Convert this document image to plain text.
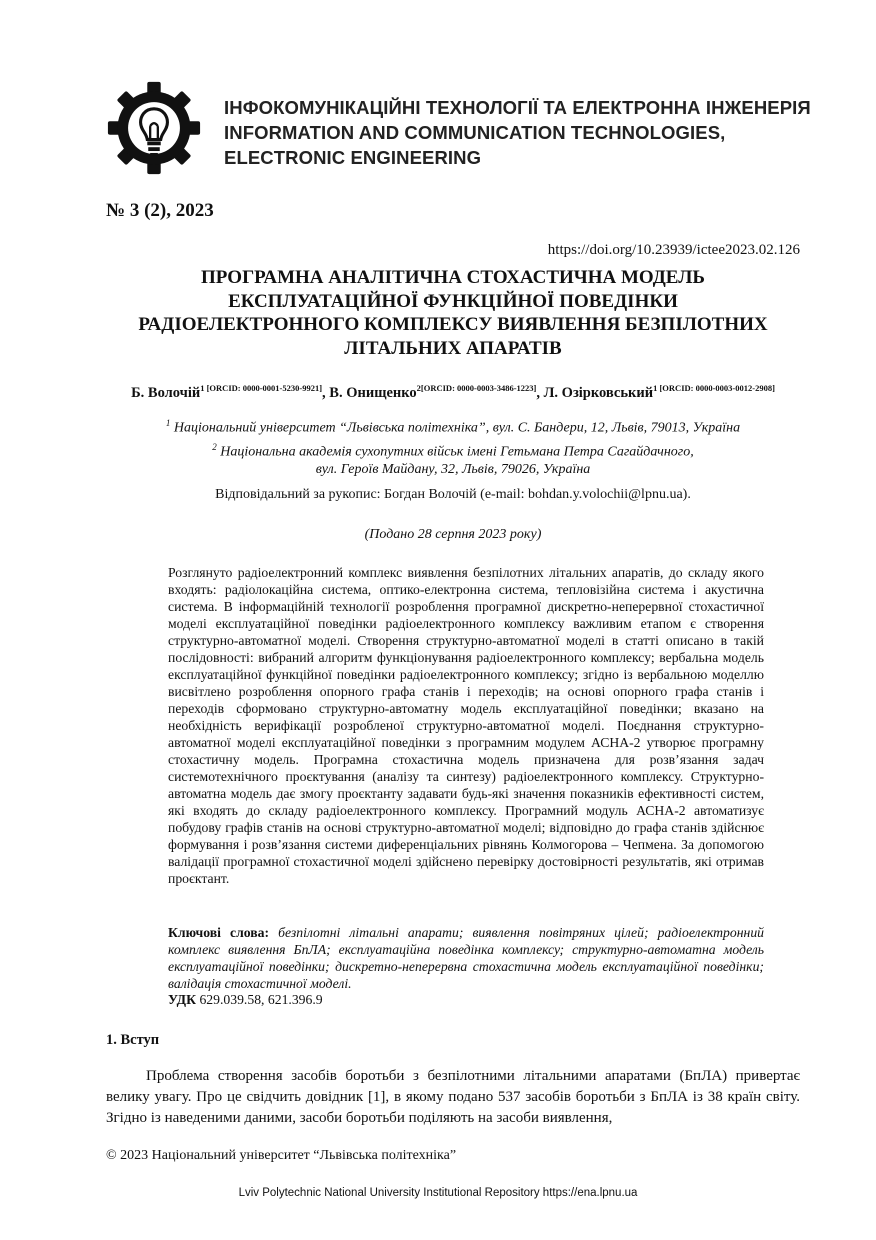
ІНФОКОМУНІКАЦІЙНІ ТЕХНОЛОГІЇ ТА ЕЛЕКТРОННА ІНЖЕНЕРІЯ
INFORMATION AND COMMUNICATION TECHNOLOGIES,
ELECTRONIC ENGINEERING
№ 3 (2), 2023
https://doi.org/10.23939/ictee2023.02.126
ПРОГРАМНА АНАЛІТИЧНА СТОХАСТИЧНА МОДЕЛЬ
ЕКСПЛУАТАЦІЙНОЇ ФУНКЦІЙНОЇ ПОВЕДІНКИ
РАДІОЕЛЕКТРОННОГО КОМПЛЕКСУ ВИЯВЛЕННЯ БЕЗПІЛОТНИХ
ЛІТАЛЬНИХ АПАРАТІВ
Б. Волочій$^{1 [ORCID: 0000-0001-5230-9921]}$, В. Онищенко$^{2[ORCID: 0000-0003-3486-1223]}$, Л. Озірковський$^{1 [ORCID: 0000-0003-0012-2908]}$
$^1$ Національний університет “Львівська політехніка”, вул. С. Бандери, 12, Львів, 79013, Україна
$^2$ Національна академія сухопутних військ імені Гетьмана Петра Сагайдачного,
вул. Героїв Майдану, 32, Львів, 79026, Україна
Відповідальний за рукопис: Богдан Волочій (e-mail: bohdan.y.volochii@lpnu.ua).
(Подано 28 серпня 2023 року)
Розглянуто радіоелектронний комплекс виявлення безпілотних літальних апаратів, до складу якого входять: радіолокаційна система, оптико-електронна система, тепловізійна система і акустична система. В інформаційній технології розроблення програмної дискретно-неперервної стохастичної моделі експлуатаційної поведінки радіоелектронного комплексу важливим етапом є створення структурно-автоматної моделі. Створення структурно-автоматної моделі в статті описано в такій послідовності: вибраний алгоритм функціонування радіоелектронного комплексу; вербальна модель експлуатаційної функційної поведінки радіоелектронного комплексу; згідно із вербальною моделлю висвітлено розроблення опорного графа станів і переходів; на основі опорного графа станів і переходів сформовано структурно-автоматну модель експлуатаційної поведінки; вказано на необхідність верифікації розробленої структурно-автоматної моделі. Поєднання структурно-автоматної моделі експлуатаційної поведінки з програмним модулем АСНА-2 утворює програмну стохастичну модель. Програмна стохастична модель призначена для розв’язання задач системотехнічного проєктування (аналізу та синтезу) радіоелектронного комплексу. Структурно-автоматна модель дає змогу проєктанту задавати будь-які значення показників ефективності систем, які входять до складу радіоелектронного комплексу. Програмний модуль АСНА-2 автоматизує побудову графів станів на основі структурно-автоматної моделі; відповідно до графа станів здійснює формування і розв’язання системи диференціальних рівнянь Колмогорова – Чепмена. За допомогою валідації програмної стохастичної моделі здійснено перевірку достовірності результатів, які отримав проєктант.
Ключові слова: безпілотні літальні апарати; виявлення повітряних цілей; радіоелектронний комплекс виявлення БпЛА; експлуатаційна поведінка комплексу; структурно-автоматна модель експлуатаційної поведінки; дискретно-неперервна стохастична модель експлуатаційної поведінки; валідація стохастичної моделі.
УДК 629.039.58, 621.396.9
1. Вступ
Проблема створення засобів боротьби з безпілотними літальними апаратами (БпЛА) привертає велику увагу. Про це свідчить довідник [1], в якому подано 537 засобів боротьби з БпЛА із 38 країн світу. Згідно із наведеними даними, засоби боротьби поділяють на засоби виявлення,
© 2023 Національний університет “Львівська політехніка”
Lviv Polytechnic National University Institutional Repository https://ena.lpnu.ua
